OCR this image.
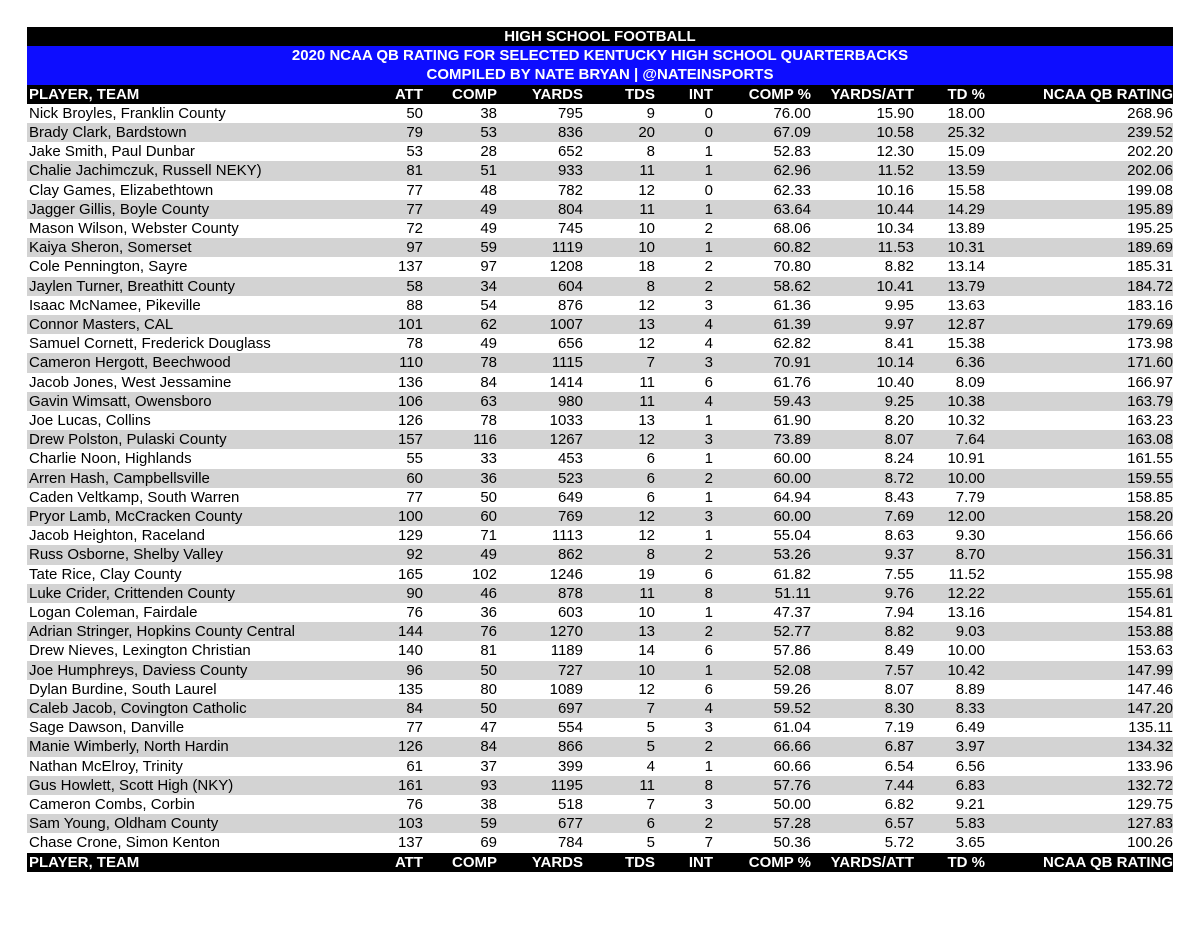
HIGH SCHOOL FOOTBALL
2020 NCAA QB RATING FOR SELECTED KENTUCKY HIGH SCHOOL QUARTERBACKS
COMPILED BY NATE BRYAN | @NATEINSPORTS
PLAYER, TEAM	ATT	COMP	YARDS	TDS	INT	COMP %	YARDS/ATT	TD %	NCAA QB RATING
Nick Broyles, Franklin County	50	38	795	9	0	76.00	15.90	18.00	268.96
Brady Clark, Bardstown	79	53	836	20	0	67.09	10.58	25.32	239.52
Jake Smith, Paul Dunbar	53	28	652	8	1	52.83	12.30	15.09	202.20
Chalie Jachimczuk, Russell NEKY)	81	51	933	11	1	62.96	11.52	13.59	202.06
Clay Games, Elizabethtown	77	48	782	12	0	62.33	10.16	15.58	199.08
Jagger Gillis, Boyle County	77	49	804	11	1	63.64	10.44	14.29	195.89
Mason Wilson, Webster County	72	49	745	10	2	68.06	10.34	13.89	195.25
Kaiya Sheron, Somerset	97	59	1119	10	1	60.82	11.53	10.31	189.69
Cole Pennington, Sayre	137	97	1208	18	2	70.80	8.82	13.14	185.31
Jaylen Turner, Breathitt County	58	34	604	8	2	58.62	10.41	13.79	184.72
Isaac McNamee, Pikeville	88	54	876	12	3	61.36	9.95	13.63	183.16
Connor Masters, CAL	101	62	1007	13	4	61.39	9.97	12.87	179.69
Samuel Cornett, Frederick Douglass	78	49	656	12	4	62.82	8.41	15.38	173.98
Cameron Hergott, Beechwood	110	78	1115	7	3	70.91	10.14	6.36	171.60
Jacob Jones, West Jessamine	136	84	1414	11	6	61.76	10.40	8.09	166.97
Gavin Wimsatt, Owensboro	106	63	980	11	4	59.43	9.25	10.38	163.79
Joe Lucas, Collins	126	78	1033	13	1	61.90	8.20	10.32	163.23
Drew Polston, Pulaski County	157	116	1267	12	3	73.89	8.07	7.64	163.08
Charlie Noon, Highlands	55	33	453	6	1	60.00	8.24	10.91	161.55
Arren Hash, Campbellsville	60	36	523	6	2	60.00	8.72	10.00	159.55
Caden Veltkamp, South Warren	77	50	649	6	1	64.94	8.43	7.79	158.85
Pryor Lamb, McCracken County	100	60	769	12	3	60.00	7.69	12.00	158.20
Jacob Heighton, Raceland	129	71	1113	12	1	55.04	8.63	9.30	156.66
Russ Osborne, Shelby Valley	92	49	862	8	2	53.26	9.37	8.70	156.31
Tate Rice, Clay County	165	102	1246	19	6	61.82	7.55	11.52	155.98
Luke Crider, Crittenden County	90	46	878	11	8	51.11	9.76	12.22	155.61
Logan Coleman, Fairdale	76	36	603	10	1	47.37	7.94	13.16	154.81
Adrian Stringer, Hopkins County Central	144	76	1270	13	2	52.77	8.82	9.03	153.88
Drew Nieves, Lexington Christian	140	81	1189	14	6	57.86	8.49	10.00	153.63
Joe Humphreys, Daviess County	96	50	727	10	1	52.08	7.57	10.42	147.99
Dylan Burdine, South Laurel	135	80	1089	12	6	59.26	8.07	8.89	147.46
Caleb Jacob, Covington Catholic	84	50	697	7	4	59.52	8.30	8.33	147.20
Sage Dawson, Danville	77	47	554	5	3	61.04	7.19	6.49	135.11
Manie Wimberly, North Hardin	126	84	866	5	2	66.66	6.87	3.97	134.32
Nathan McElroy, Trinity	61	37	399	4	1	60.66	6.54	6.56	133.96
Gus Howlett, Scott High (NKY)	161	93	1195	11	8	57.76	7.44	6.83	132.72
Cameron Combs, Corbin	76	38	518	7	3	50.00	6.82	9.21	129.75
Sam Young, Oldham County	103	59	677	6	2	57.28	6.57	5.83	127.83
Chase Crone, Simon Kenton	137	69	784	5	7	50.36	5.72	3.65	100.26
PLAYER, TEAM	ATT	COMP	YARDS	TDS	INT	COMP %	YARDS/ATT	TD %	NCAA QB RATING
